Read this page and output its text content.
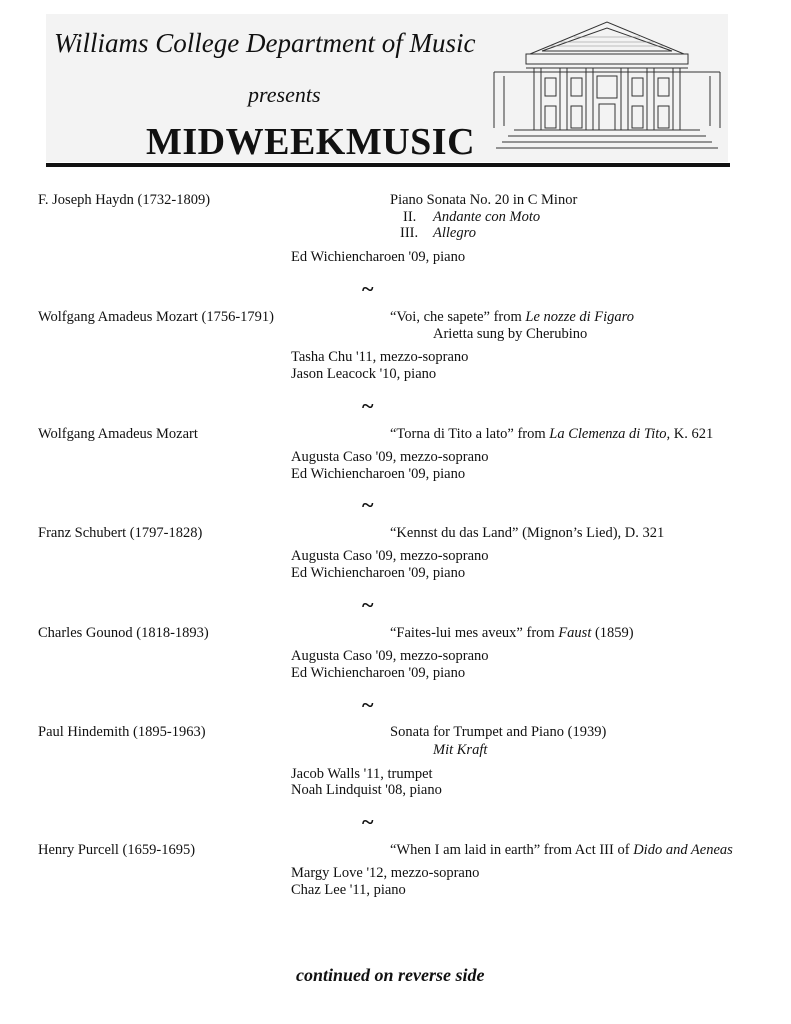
Williams College Department of Music
presents
MIDWEEKMUSIC
F. Joseph Haydn (1732-1809)	Piano Sonata No. 20 in C Minor
II. Andante con Moto
III. Allegro
Ed Wichiencharoen '09, piano
~
Wolfgang Amadeus Mozart (1756-1791)	“Voi, che sapete” from Le nozze di Figaro
Arietta sung by Cherubino
Tasha Chu '11, mezzo-soprano
Jason Leacock '10, piano
~
Wolfgang Amadeus Mozart	“Torna di Tito a lato” from La Clemenza di Tito, K. 621
Augusta Caso '09, mezzo-soprano
Ed Wichiencharoen '09, piano
~
Franz Schubert (1797-1828)	“Kennst du das Land” (Mignon’s Lied), D. 321
Augusta Caso '09, mezzo-soprano
Ed Wichiencharoen '09, piano
~
Charles Gounod (1818-1893)	“Faites-lui mes aveux” from Faust (1859)
Augusta Caso '09, mezzo-soprano
Ed Wichiencharoen '09, piano
~
Paul Hindemith (1895-1963)	Sonata for Trumpet and Piano (1939)
Mit Kraft
Jacob Walls '11, trumpet
Noah Lindquist '08, piano
~
Henry Purcell (1659-1695)	“When I am laid in earth” from Act III of Dido and Aeneas
Margy Love '12, mezzo-soprano
Chaz Lee '11, piano
continued on reverse side
